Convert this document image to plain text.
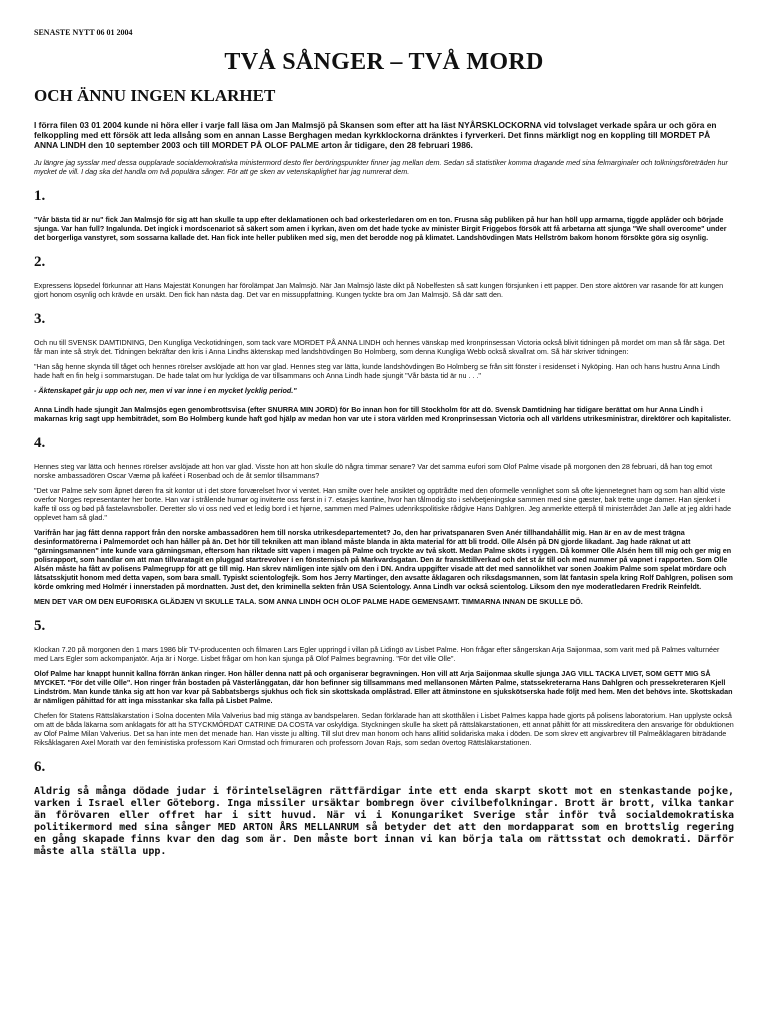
SENASTE NYTT 06 01 2004
TVÅ SÅNGER – TVÅ MORD
OCH ÄNNU INGEN KLARHET

I förra filen 03 01 2004 kunde ni höra eller i varje fall läsa om Jan Malmsjö på Skansen som efter att ha läst NYÅRSKLOCKORNA vid tolvslaget verkade spåra ur och göra en felkoppling med ett försök att leda allsång som en annan Lasse Berghagen medan kyrkklockorna dränktes i fyrverkeri. Det finns märkligt nog en koppling till MORDET PÅ ANNA LINDH den 10 september 2003 och till MORDET PÅ OLOF PALME arton år tidigare, den 28 februari 1986.

Ju längre jag sysslar med dessa oupplarade socialdemokratiska ministermord desto fler beröringspunkter finner jag mellan dem. Sedan så statistiker komma dragande med sina felmarginaler och tolkningsföreträden hur mycket de vill. I dag ska det handla om två populära sånger. För att ge sken av vetenskaplighet har jag numrerat dem.

1.

"Vår bästa tid är nu" fick Jan Malmsjö för sig att han skulle ta upp efter deklamationen och bad orkesterledaren om en ton. Frusna såg publiken på hur han höll upp armarna, tiggde applåder och började sjunga. Var han full? Ingalunda. Det ingick i mordscenariot så säkert som amen i kyrkan, även om det hade tycke av minister Birgit Friggebos försök att få arbetarna att sjunga "We shall overcome" under det borgerliga vanstyret, som sossarna kallade det. Han fick inte heller publiken med sig, men det berodde nog på klimatet. Landshövdingen Mats Hellström bakom honom försökte göra sig osynlig.

2.

Expressens löpsedel förkunnar att Hans Majestät Konungen har förolämpat Jan Malmsjö. När Jan Malmsjö läste dikt på Nobelfesten så satt kungen försjunken i ett papper. Den store aktören var rasande för att kungen gjort honom osynlig och krävde en ursäkt. Den fick han nästa dag. Det var en missuppfattning. Kungen tyckte bra om Jan Malmsjö. Så där satt den.

3.

Och nu till SVENSK DAMTIDNING, Den Kungliga Veckotidningen, som tack vare MORDET PÅ ANNA LINDH och hennes vänskap med kronprinsessan Victoria också blivit tidningen på mordet om man så får säga. Det får man inte så stryk det. Tidningen bekräftar den kris i Anna Lindhs äktenskap med landshövdingen Bo Holmberg, som denna Kungliga Webb också skvallrat om. Så här skriver tidningen:

"Han såg henne skynda till tåget och hennes rörelser avslöjade att hon var glad. Hennes steg var lätta, kunde landshövdingen Bo Holmberg se från sitt fönster i residenset i Nyköping. Han och hans hustru Anna Lindh hade haft en fin helg i sommarstugan. De hade talat om hur lyckliga de var tillsammans och Anna Lindh hade sjungit "Vår bästa tid är nu . . ."

- Äktenskapet går ju upp och ner, men vi var inne i en mycket lycklig period."

Anna Lindh hade sjungit Jan Malmsjös egen genombrottsvisa (efter SNURRA MIN JORD) för Bo innan hon for till Stockholm för att dö. Svensk Damtidning har tidigare berättat om hur Anna Lindh i makarnas krig sagt upp hembiträdet, som Bo Holmberg kunde haft god hjälp av medan hon var ute i stora världen med Kronprinsessan Victoria och all världens utrikesministrar, direktörer och kapitalister.

4.

Hennes steg var lätta och hennes rörelser avslöjade att hon var glad. Visste hon att hon skulle dö några timmar senare? Var det samma eufori som Olof Palme visade på morgonen den 28 februari, då han tog emot norske ambassadören Oscar Værnø på kaféet i Rosenbad och de åt semlor tillsammans?

"Det var Palme selv som åpnet døren fra sit kontor ut i det store forværelset hvor vi ventet. Han smilte over hele ansiktet og opptrådte med den oformelle vennlighet som så ofte kjennetegnet ham og som han alltid viste overfor Norges representanter her borte. Han var i strålende humør og inviterte oss først in i 7. etasjes kantine, hvor han tålmodig sto i selvbetjeningskø sammen med sine gæster, bak trette unge damer. Han sjenket i kaffe til oss og bød på fastelavnsboller. Deretter slo vi oss ned ved et ledig bord i et hjørne, sammen med Palmes udenrikspolitiske rådgive Hans Dahlgren. Jeg anmerkte etterpå til ministerrådet Jan Jølle at jeg aldri hade opplevet ham så glad."

Varifrån har jag fått denna rapport från den norske ambassadören hem till norska utrikesdepartementet? Jo, den har privatspanaren Sven Anér tillhandahållit mig. Han är en av de mest trägna desinformatörerna i Palmemordet och han håller på än. Det hör till tekniken att man ibland måste blanda in äkta material för att bli trodd. Olle Alsén på DN gjorde likadant. Jag hade räknat ut att "gärningsmannen" inte kunde vara gärningsman, eftersom han riktade sitt vapen i magen på Palme och tryckte av två skott. Medan Palme sköts i ryggen. Då kommer Olle Alsén hem till mig och ger mig en polisrapport, som handlar om att man tillvaratagit en pluggad startrevolver i en fönsternisch på Markvardsgatan. Den är franskttillverkad och det st år till och med nummer på vapnet i rapporten. Som Olle Alsén måste ha fått av polisens Palmegrupp för att ge till mig. Han skrev nämligen inte själv om den i DN. Andra uppgifter visade att det med sannolikhet var sonen Joakim Palme som spelat mördare och låtsatsskjutit honom med detta vapen, som bara small. Typiskt scientologfejk. Som hos Jerry Martinger, den avsatte åklagaren och riksdagsmannen, som lät fantasin spela kring Rolf Dahlgren, polisen som körde omkring med Holmér i innerstaden på mordnatten. Just det, den kriminella sekten från USA Scientology. Anna Lindh var också scientolog. Liksom den nye moderatledaren Fredrik Reinfeldt.

MEN DET VAR OM DEN EUFORISKA GLÄDJEN VI SKULLE TALA. SOM ANNA LINDH OCH OLOF PALME HADE GEMENSAMT. TIMMARNA INNAN DE SKULLE DÖ.

5.

Klockan 7.20 på morgonen den 1 mars 1986 blir TV-producenten och filmaren Lars Egler uppringd i villan på Lidingö av Lisbet Palme. Hon frågar efter sångerskan Arja Saijonmaa, som varit med på Palmes valturnéer med Lars Egler som ackompanjatör. Arja är i Norge. Lisbet frågar om hon kan sjunga på Olof Palmes begravning. "För det ville Olle".

Olof Palme har knappt hunnit kallna förrän änkan ringer. Hon håller denna natt på och organiserar begravningen. Hon vill att Arja Saijonmaa skulle sjunga JAG VILL TACKA LIVET, SOM GETT MIG SÅ MYCKET. "För det ville Olle". Hon ringer från bostaden på Västerlånggatan, där hon befinner sig tillsammans med mellansonen Mårten Palme, statssekreterarna Hans Dahlgren och pressekreteraren Kjell Lindström. Man kunde tänka sig att hon var kvar på Sabbatsbergs sjukhus och fick sin skottskada omplåstrad. Eller att åtminstone en sjukskötserska hade följt med hem. Men det behövs inte. Skottskadan är nämligen påhittad för att inga misstankar ska falla på Lisbet Palme.

Chefen för Statens Rättsläkarstation i Solna docenten Mila Valverius bad mig stänga av bandspelaren. Sedan förklarade han att skotthålen i Lisbet Palmes kappa hade gjorts på polisens laboratorium. Han upplyste också om att de båda läkarna som anklagats för att ha STYCKMÖRDAT CATRINE DA COSTA var oskyldiga. Styckningen skulle ha skett på rättsläkarstationen, ett annat påhitt för att misskreditera den ansvarige för obduktionen av Olof Palme Milan Valverius. Det sa han inte men det menade han. Han visste ju allting. Till slut drev man honom och hans allitid solidariska maka i döden. De som skrev ett angivarbrev till Palmeåklagaren biträdande Riksåklagaren Axel Morath var den feministiska professorn Kari Ormstad och frimuraren och professorn Jovan Rajs, som sedan övertog Rättsläkarstationen.

6.

Aldrig så många dödade judar i förintelselägren rättfärdigar inte ett enda skarpt skott mot en stenkastande pojke, varken i Israel eller Göteborg. Inga missiler ursäktar bombregn över civilbefolkningar. Brott är brott, vilka tankar än förövaren eller offret har i sitt huvud. När vi i Konungariket Sverige står inför två socialdemokratiska politikermord med sina sånger MED ARTON ÅRS MELLANRUM så betyder det att den mordapparat som en brottslig regering en gång skapade finns kvar den dag som är. Den måste bort innan vi kan börja tala om rättsstat och demokrati. Därför måste alla ställa upp.
